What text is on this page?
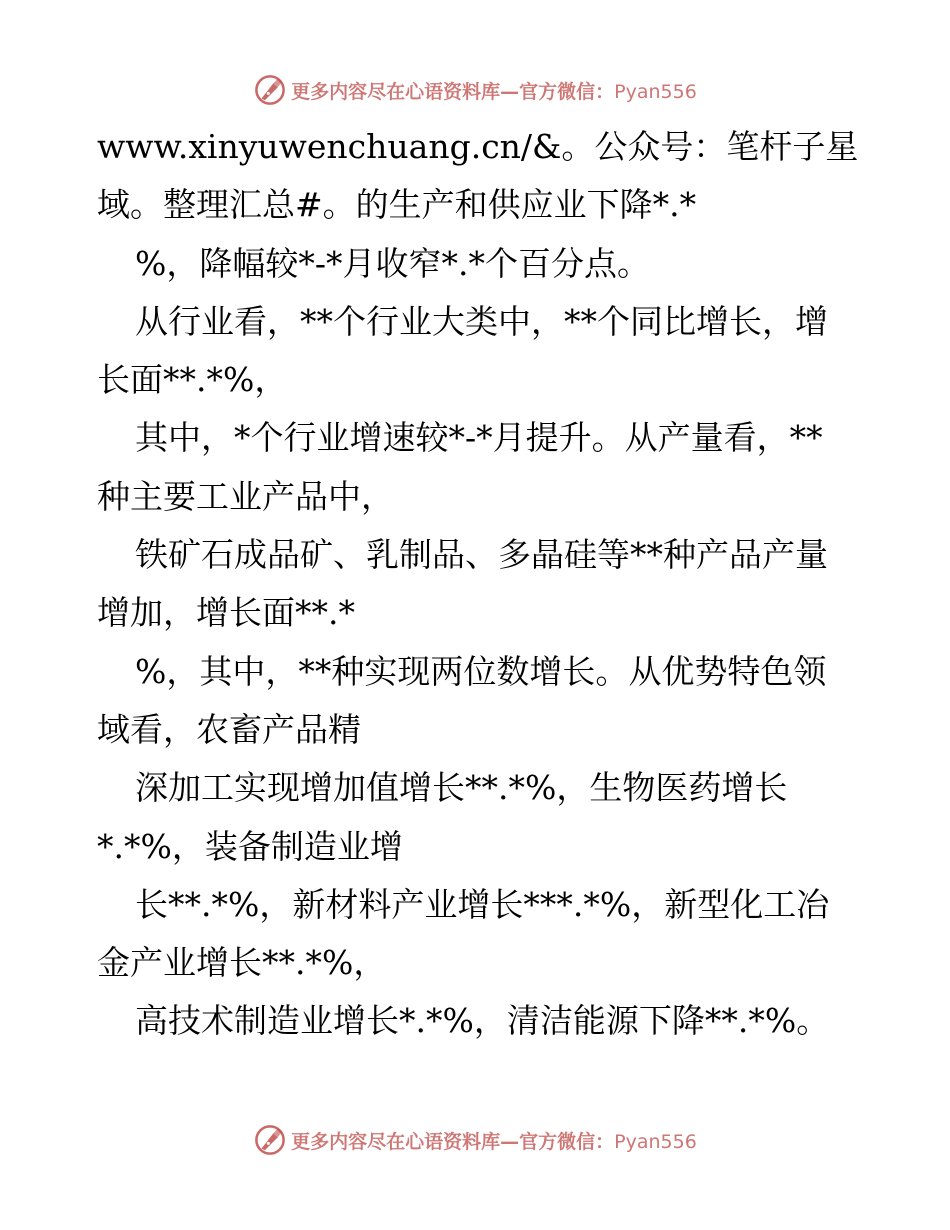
更多内容尽在心语资料库—官方微信：Pyan556
www.xinyuwenchuang.cn/&。公众号：笔杆子星
域。整理汇总#。的生产和供应业下降*.*
%，降幅较*-*月收窄*.*个百分点。
从行业看，**个行业大类中，**个同比增长，增
长面**.*%，
其中，*个行业增速较*-*月提升。从产量看，**
种主要工业产品中，
铁矿石成品矿、乳制品、多晶硅等**种产品产量
增加，增长面**.*
%，其中，**种实现两位数增长。从优势特色领
域看，农畜产品精
深加工实现增加值增长**.*%，生物医药增长
*.*%，装备制造业增
长**.*%，新材料产业增长***.*%，新型化工冶
金产业增长**.*%，
高技术制造业增长*.*%，清洁能源下降**.*%。
更多内容尽在心语资料库—官方微信：Pyan556
